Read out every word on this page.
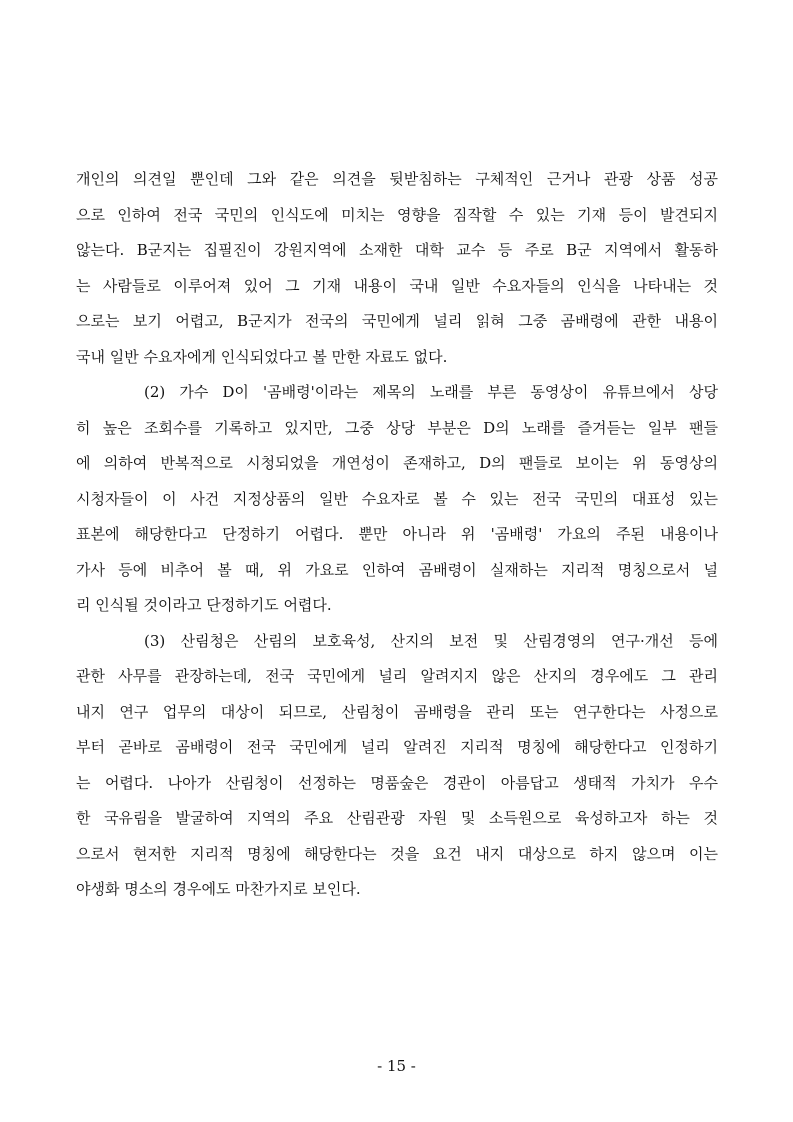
개인의 의견일 뿐인데 그와 같은 의견을 뒷받침하는 구체적인 근거나 관광 상품 성공
으로 인하여 전국 국민의 인식도에 미치는 영향을 짐작할 수 있는 기재 등이 발견되지
않는다. B군지는 집필진이 강원지역에 소재한 대학 교수 등 주로 B군 지역에서 활동하
는 사람들로 이루어져 있어 그 기재 내용이 국내 일반 수요자들의 인식을 나타내는 것
으로는 보기 어렵고, B군지가 전국의 국민에게 널리 읽혀 그중 곰배령에 관한 내용이
국내 일반 수요자에게 인식되었다고 볼 만한 자료도 없다.
(2) 가수 D이 '곰배령'이라는 제목의 노래를 부른 동영상이 유튜브에서 상당
히 높은 조회수를 기록하고 있지만, 그중 상당 부분은 D의 노래를 즐겨듣는 일부 팬들
에 의하여 반복적으로 시청되었을 개연성이 존재하고, D의 팬들로 보이는 위 동영상의
시청자들이 이 사건 지정상품의 일반 수요자로 볼 수 있는 전국 국민의 대표성 있는
표본에 해당한다고 단정하기 어렵다. 뿐만 아니라 위 '곰배령' 가요의 주된 내용이나
가사 등에 비추어 볼 때, 위 가요로 인하여 곰배령이 실재하는 지리적 명칭으로서 널
리 인식될 것이라고 단정하기도 어렵다.
(3) 산림청은 산림의 보호육성, 산지의 보전 및 산림경영의 연구·개선 등에
관한 사무를 관장하는데, 전국 국민에게 널리 알려지지 않은 산지의 경우에도 그 관리
내지 연구 업무의 대상이 되므로, 산림청이 곰배령을 관리 또는 연구한다는 사정으로
부터 곧바로 곰배령이 전국 국민에게 널리 알려진 지리적 명칭에 해당한다고 인정하기
는 어렵다. 나아가 산림청이 선정하는 명품숲은 경관이 아름답고 생태적 가치가 우수
한 국유림을 발굴하여 지역의 주요 산림관광 자원 및 소득원으로 육성하고자 하는 것
으로서 현저한 지리적 명칭에 해당한다는 것을 요건 내지 대상으로 하지 않으며 이는
야생화 명소의 경우에도 마찬가지로 보인다.
- 15 -
